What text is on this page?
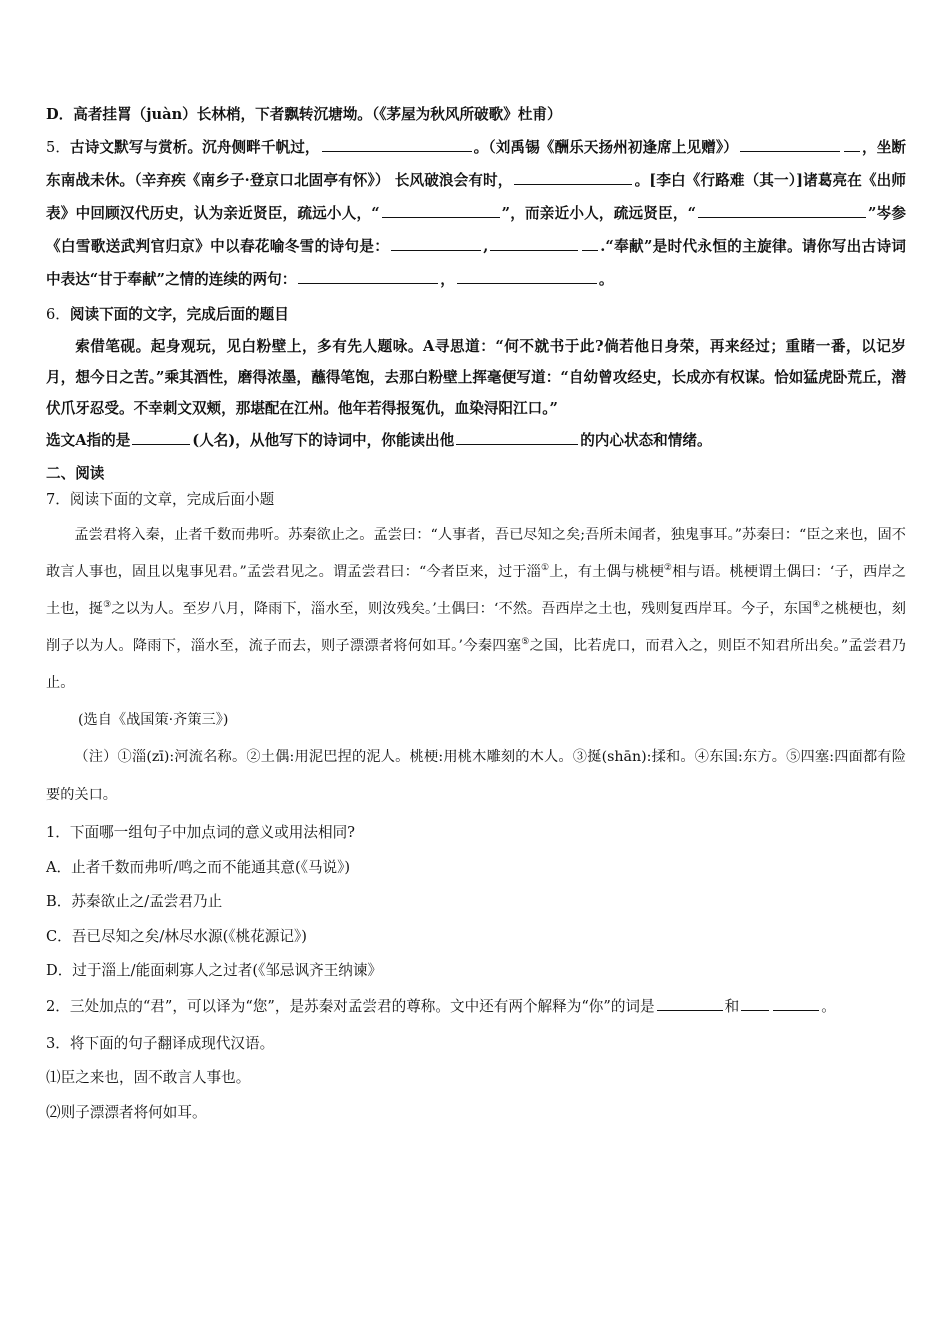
D．高者挂罥（juàn）长林梢，下者飘转沉塘坳。（《茅屋为秋风所破歌》杜甫）

5．古诗文默写与赏析。沉舟侧畔千帆过，	。（刘禹锡《酬乐天扬州初逢席上见赠》）	，坐断东南战未休。（辛弃疾《南乡子·登京口北固亭有怀》） 长风破浪会有时，	。[李白《行路难（其一）]诸葛亮在《出师表》中回顾汉代历史，认为亲近贤臣，疏远小人，“	”，而亲近小人，疏远贤臣，“	”岑参《白雪歌送武判官归京》中以春花喻冬雪的诗句是：	,	.“奉献”是时代永恒的主旋律。请你写出古诗词中表达“甘于奉献”之情的连续的两句：	，	。

6．阅读下面的文字，完成后面的题目

索借笔砚。起身观玩，见白粉壁上，多有先人题咏。A寻思道：“何不就书于此?倘若他日身荣，再来经过；重睹一番，以记岁月，想今日之苦。”乘其酒性，磨得浓墨，蘸得笔饱，去那白粉壁上挥毫便写道：“自幼曾攻经史，长成亦有权谋。恰如猛虎卧荒丘，潜伏爪牙忍受。不幸刺文双颊，那堪配在江州。他年若得报冤仇，血染浔阳江口。”

选文A指的是	(人名)，从他写下的诗词中，你能读出他	的内心状态和情绪。

二、阅读

7．阅读下面的文章，完成后面小题

孟尝君将入秦，止者千数而弗听。苏秦欲止之。孟尝曰：“人事者，吾已尽知之矣;吾所未闻者，独鬼事耳。”苏秦曰：“臣之来也，固不敢言人事也，固且以鬼事见君。”孟尝君见之。谓孟尝君曰：“今者臣来，过于淄①上，有土偶与桃梗②相与语。桃梗谓土偶曰：‘子，西岸之土也，挻③之以为人。至岁八月，降雨下，淄水至，则汝残矣。’土偶曰：‘不然。吾西岸之土也，残则复西岸耳。今子，东国④之桃梗也，刻削子以为人。降雨下，淄水至，流子而去，则子漂漂者将何如耳。’今秦四塞⑤之国，比若虎口，而君入之，则臣不知君所出矣。”孟尝君乃止。

(选自《战国策·齐策三》)

（注）①淄(zī):河流名称。②土偶:用泥巴捏的泥人。桃梗:用桃木雕刻的木人。③挻(shān):揉和。④东国:东方。⑤四塞:四面都有险要的关口。

1．下面哪一组句子中加点词的意义或用法相同?

A．止者千数而弗听/鸣之而不能通其意(《马说》)

B．苏秦欲止之/孟尝君乃止

C．吾已尽知之矣/林尽水源(《桃花源记》)

D．过于淄上/能面刺寡人之过者(《邹忌讽齐王纳谏》

2．三处加点的“君”，可以译为“您”，是苏秦对孟尝君的尊称。文中还有两个解释为“你”的词是	和	。

3．将下面的句子翻译成现代汉语。

⑴臣之来也，固不敢言人事也。

⑵则子漂漂者将何如耳。
